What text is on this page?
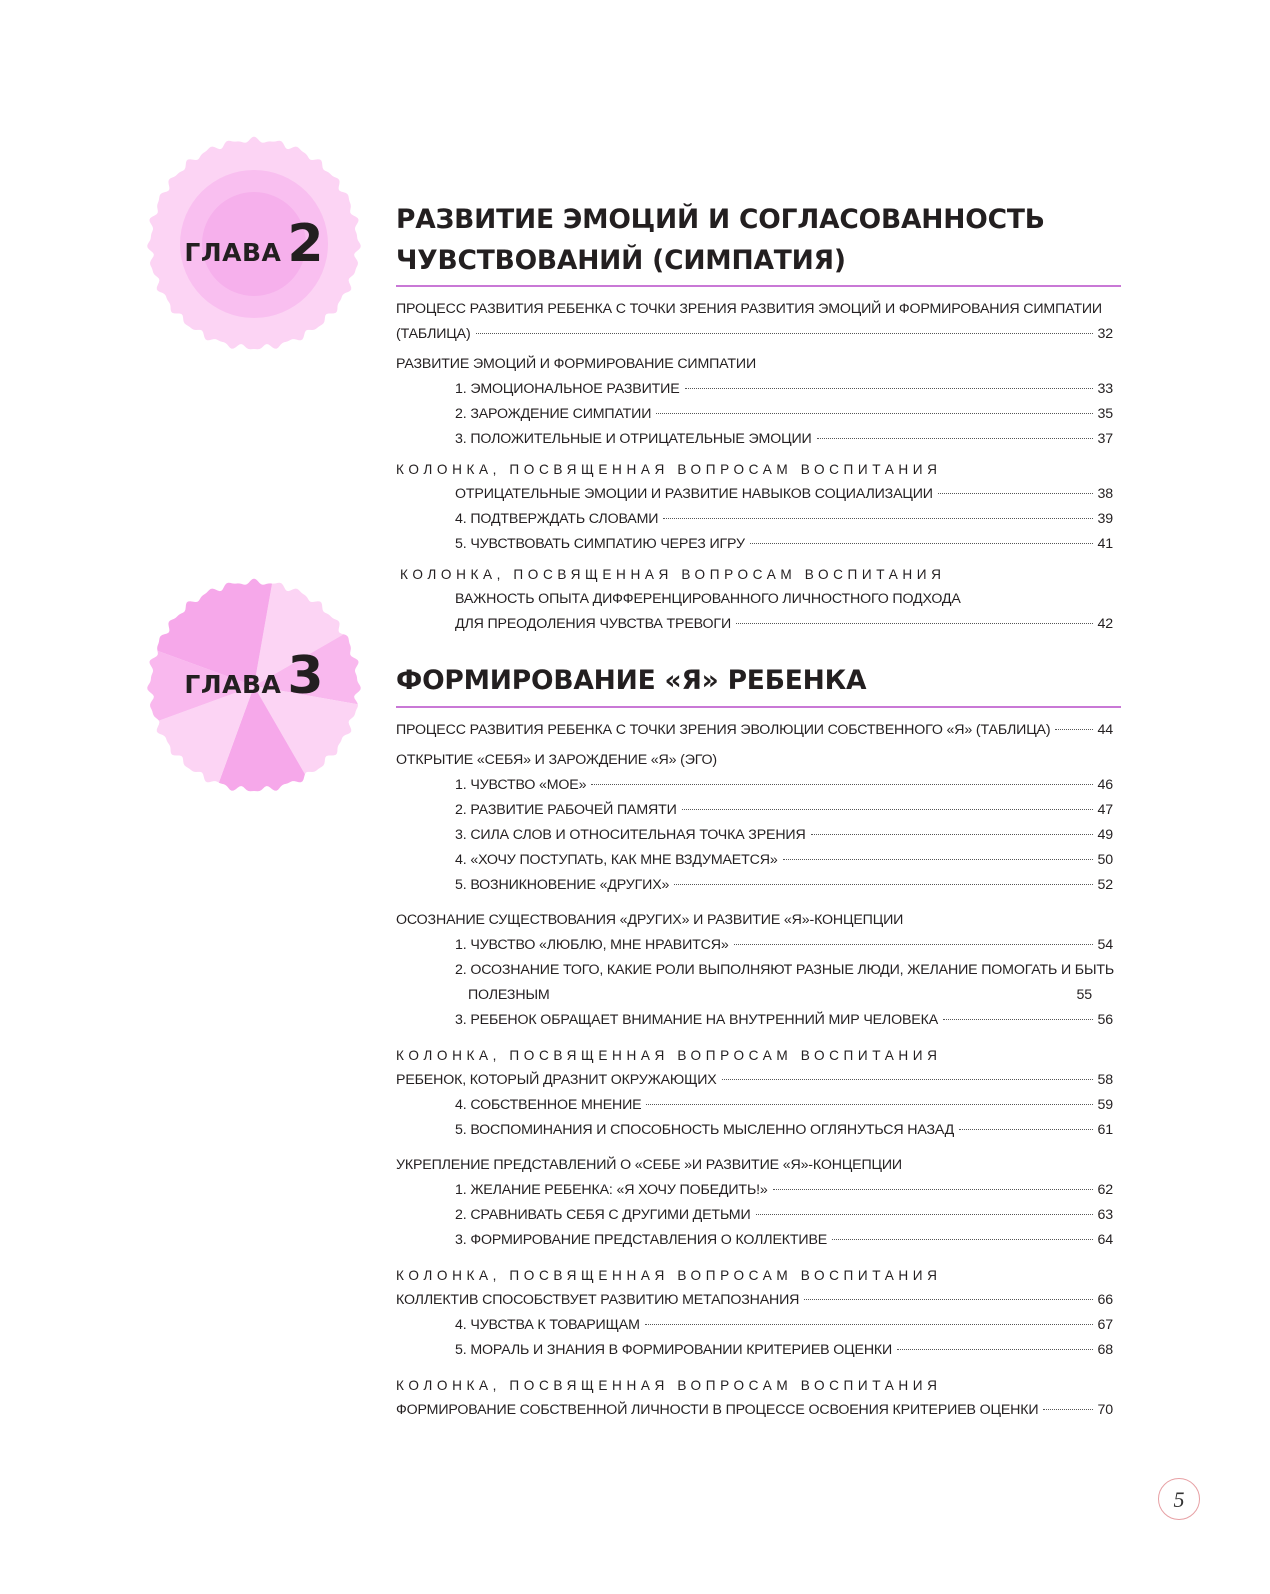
ГЛАВА 2	РАЗВИТИЕ ЭМОЦИЙ И СОГЛАСОВАННОСТЬ
ЧУВСТВОВАНИЙ (СИМПАТИЯ)
ПРОЦЕСС РАЗВИТИЯ РЕБЕНКА С ТОЧКИ ЗРЕНИЯ РАЗВИТИЯ ЭМОЦИЙ И ФОРМИРОВАНИЯ СИМПАТИИ
(ТАБЛИЦА)	32
РАЗВИТИЕ ЭМОЦИЙ И ФОРМИРОВАНИЕ СИМПАТИИ
1. ЭМОЦИОНАЛЬНОЕ РАЗВИТИЕ	33
2. ЗАРОЖДЕНИЕ СИМПАТИИ	35
3. ПОЛОЖИТЕЛЬНЫЕ И ОТРИЦАТЕЛЬНЫЕ ЭМОЦИИ	37
КОЛОНКА, ПОСВЯЩЕННАЯ ВОПРОСАМ ВОСПИТАНИЯ
ОТРИЦАТЕЛЬНЫЕ ЭМОЦИИ И РАЗВИТИЕ НАВЫКОВ СОЦИАЛИЗАЦИИ	38
4. ПОДТВЕРЖДАТЬ СЛОВАМИ	39
5. ЧУВСТВОВАТЬ СИМПАТИЮ ЧЕРЕЗ ИГРУ	41
КОЛОНКА, ПОСВЯЩЕННАЯ ВОПРОСАМ ВОСПИТАНИЯ
ВАЖНОСТЬ ОПЫТА ДИФФЕРЕНЦИРОВАННОГО ЛИЧНОСТНОГО ПОДХОДА
ДЛЯ ПРЕОДОЛЕНИЯ ЧУВСТВА ТРЕВОГИ	42
ГЛАВА 3	ФОРМИРОВАНИЕ «Я» РЕБЕНКА
ПРОЦЕСС РАЗВИТИЯ РЕБЕНКА С ТОЧКИ ЗРЕНИЯ ЭВОЛЮЦИИ СОБСТВЕННОГО «Я» (ТАБЛИЦА)	44
ОТКРЫТИЕ «СЕБЯ» И ЗАРОЖДЕНИЕ «Я» (ЭГО)
1. ЧУВСТВО «МОЕ»	46
2. РАЗВИТИЕ РАБОЧЕЙ ПАМЯТИ	47
3. СИЛА СЛОВ И ОТНОСИТЕЛЬНАЯ ТОЧКА ЗРЕНИЯ	49
4. «ХОЧУ ПОСТУПАТЬ, КАК МНЕ ВЗДУМАЕТСЯ»	50
5. ВОЗНИКНОВЕНИЕ «ДРУГИХ»	52
ОСОЗНАНИЕ СУЩЕСТВОВАНИЯ «ДРУГИХ» И РАЗВИТИЕ «Я»-КОНЦЕПЦИИ
1. ЧУВСТВО «ЛЮБЛЮ, МНЕ НРАВИТСЯ»	54
2. ОСОЗНАНИЕ ТОГО, КАКИЕ РОЛИ ВЫПОЛНЯЮТ РАЗНЫЕ ЛЮДИ, ЖЕЛАНИЕ ПОМОГАТЬ И БЫТЬ
ПОЛЕЗНЫМ	55
3. РЕБЕНОК ОБРАЩАЕТ ВНИМАНИЕ НА ВНУТРЕННИЙ МИР ЧЕЛОВЕКА	56
КОЛОНКА, ПОСВЯЩЕННАЯ ВОПРОСАМ ВОСПИТАНИЯ
РЕБЕНОК, КОТОРЫЙ ДРАЗНИТ ОКРУЖАЮЩИХ	58
4. СОБСТВЕННОЕ МНЕНИЕ	59
5. ВОСПОМИНАНИЯ И СПОСОБНОСТЬ МЫСЛЕННО ОГЛЯНУТЬСЯ НАЗАД	61
УКРЕПЛЕНИЕ ПРЕДСТАВЛЕНИЙ О «СЕБЕ »И РАЗВИТИЕ «Я»-КОНЦЕПЦИИ
1. ЖЕЛАНИЕ РЕБЕНКА: «Я ХОЧУ ПОБЕДИТЬ!»	62
2. СРАВНИВАТЬ СЕБЯ С ДРУГИМИ ДЕТЬМИ	63
3. ФОРМИРОВАНИЕ ПРЕДСТАВЛЕНИЯ О КОЛЛЕКТИВЕ	64
КОЛОНКА, ПОСВЯЩЕННАЯ ВОПРОСАМ ВОСПИТАНИЯ
КОЛЛЕКТИВ СПОСОБСТВУЕТ РАЗВИТИЮ МЕТАПОЗНАНИЯ	66
4. ЧУВСТВА К ТОВАРИЩАМ	67
5. МОРАЛЬ И ЗНАНИЯ В ФОРМИРОВАНИИ КРИТЕРИЕВ ОЦЕНКИ	68
КОЛОНКА, ПОСВЯЩЕННАЯ ВОПРОСАМ ВОСПИТАНИЯ
ФОРМИРОВАНИЕ СОБСТВЕННОЙ ЛИЧНОСТИ В ПРОЦЕССЕ ОСВОЕНИЯ КРИТЕРИЕВ ОЦЕНКИ	70
5
